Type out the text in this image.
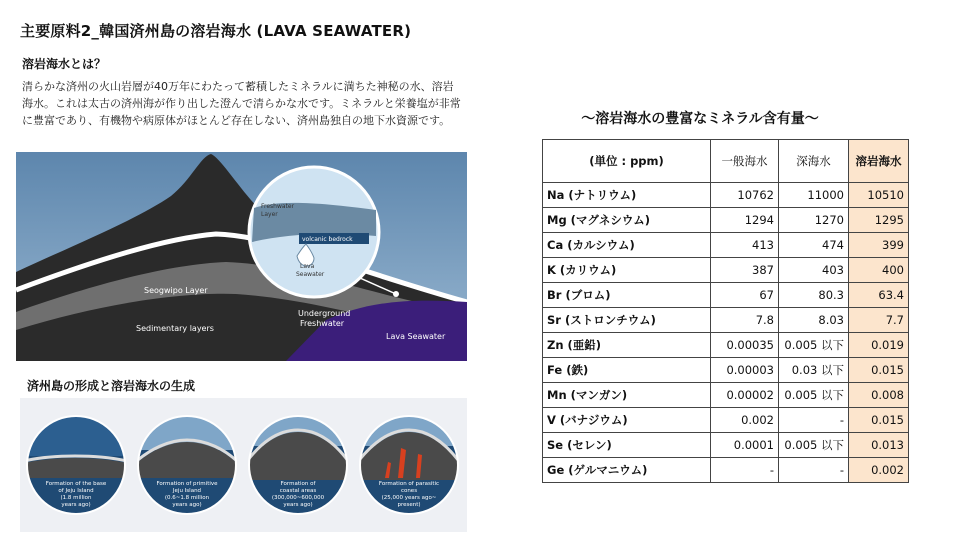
主要原料2_韓国済州島の溶岩海水 (LAVA SEAWATER)
溶岩海水とは？
清らかな済州の火山岩層が40万年にわたって蓄積したミネラルに満ちた神秘の水、溶岩海水。これは太古の済州海が作り出した澄んで清らかな水です。ミネラルと栄養塩が非常に豊富であり、有機物や病原体がほとんど存在しない、済州島独自の地下水資源です。
Freshwater
Layer
volcanic bedrock
Lava
Seawater
Seogwipo Layer
Sedimentary layers
Underground
Freshwater
Lava Seawater
済州島の形成と溶岩海水の生成
Formation of the base
of Jeju Island
(1.8 million
years ago)
Formation of primitive
Jeju Island
(0.6~1.8 million
years ago)
Formation of
coastal areas
(300,000~600,000
years ago)
Formation of parasitic
cones
(25,000 years ago~
present)
～溶岩海水の豊富なミネラル含有量～
(単位 : ppm)	一般海水	深海水	溶岩海水
Na (ナトリウム)	10762	11000	10510
Mg (マグネシウム)	1294	1270	1295
Ca (カルシウム)	413	474	399
K (カリウム)	387	403	400
Br (ブロム)	67	80.3	63.4
Sr (ストロンチウム)	7.8	8.03	7.7
Zn (亜鉛)	0.00035	0.005 以下	0.019
Fe (鉄)	0.00003	0.03 以下	0.015
Mn (マンガン)	0.00002	0.005 以下	0.008
V (バナジウム)	0.002	-	0.015
Se (セレン)	0.0001	0.005 以下	0.013
Ge (ゲルマニウム)	-	-	0.002
